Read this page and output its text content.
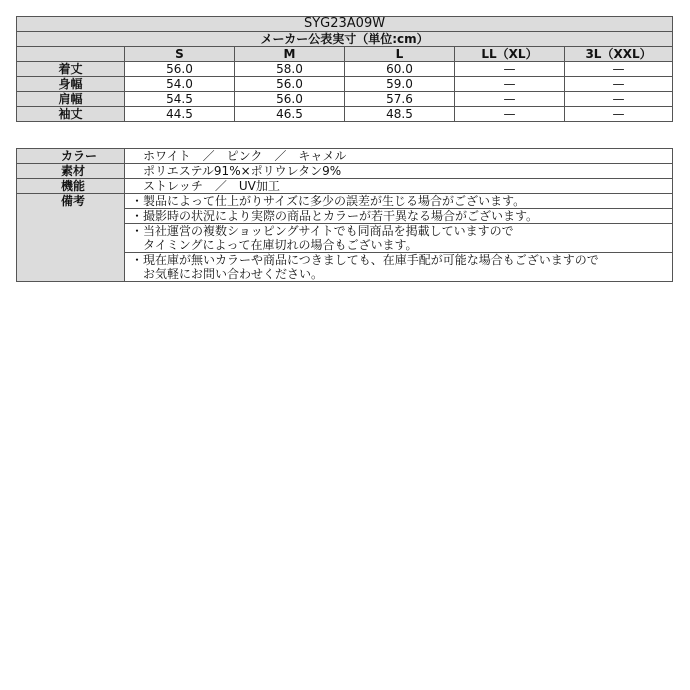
SYG23A09W					
メーカー公表実寸（単位:cm）					
	S	M	L	LL（XL）	3L（XXL）
着丈	56.0	58.0	60.0	—	—
身幅	54.0	56.0	59.0	—	—
肩幅	54.5	56.0	57.6	—	—
袖丈	44.5	46.5	48.5	—	—
カラー	ホワイト　／　ピンク　／　キャメル
素材	ポリエステル91%×ポリウレタン9%
機能	ストレッチ　／　UV加工
備考	・製品によって仕上がりサイズに多少の誤差が生じる場合がございます。

	・撮影時の状況により実際の商品とカラーが若干異なる場合がございます。

	・当社運営の複数ショッピングサイトでも同商品を掲載していますので
　タイミングによって在庫切れの場合もございます。

	・現在庫が無いカラーや商品につきましても、在庫手配が可能な場合もございますので
　お気軽にお問い合わせください。
